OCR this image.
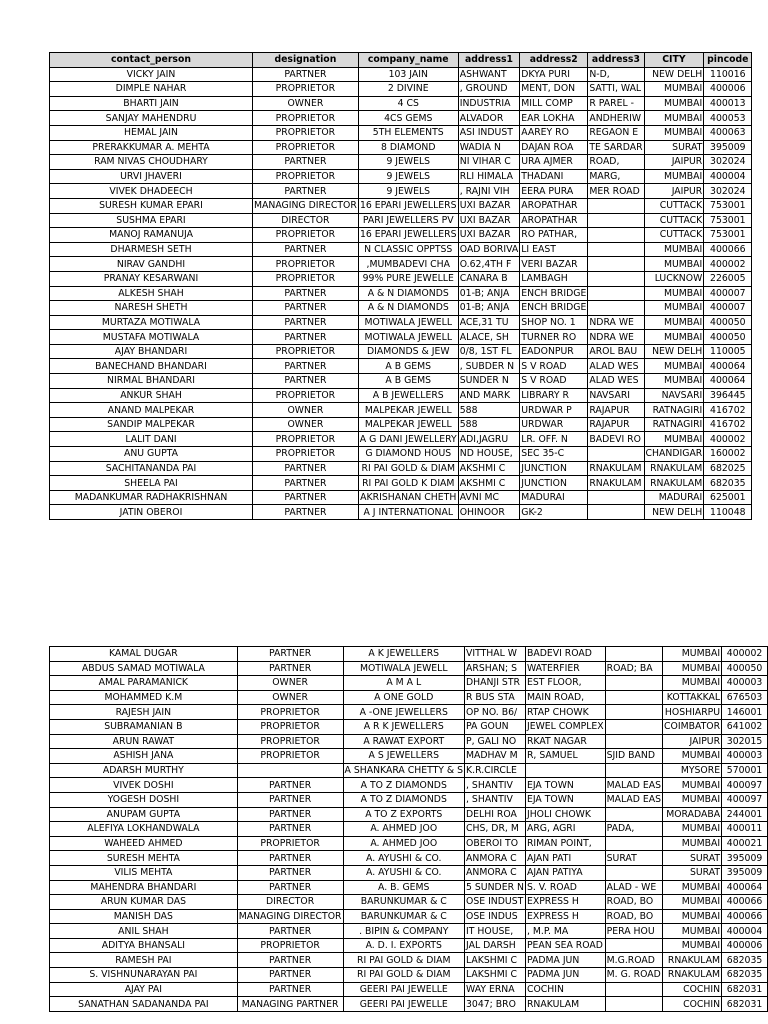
contact_person	designation	company_name	address1	address2	address3	CITY	pincode
VICKY JAIN	PARTNER	103 JAIN	ASHWANT	DKYA PURI	N-D,	NEW DELH	110016
DIMPLE NAHAR	PROPRIETOR	2 DIVINE	, GROUND	MENT, DON	SATTI, WAL	MUMBAI	400006
BHARTI JAIN	OWNER	4 CS	INDUSTRIA	MILL COMP	R PAREL -	MUMBAI	400013
SANJAY MAHENDRU	PROPRIETOR	4CS GEMS	ALVADOR	EAR LOKHA	ANDHERIW	MUMBAI	400053
HEMAL JAIN	PROPRIETOR	5TH ELEMENTS	ASI INDUST	AAREY RO	REGAON E	MUMBAI	400063
PRERAKKUMAR A. MEHTA	PROPRIETOR	8 DIAMOND	WADIA N	DAJAN ROA	TE SARDAR	SURAT	395009
RAM NIVAS CHOUDHARY	PARTNER	9 JEWELS	NI VIHAR C	URA AJMER	ROAD,	JAIPUR	302024
URVI JHAVERI	PROPRIETOR	9 JEWELS	RLI HIMALA	THADANI	MARG,	MUMBAI	400004
VIVEK DHADEECH	PARTNER	9 JEWELS	, RAJNI VIH	EERA PURA	MER ROAD	JAIPUR	302024
SURESH KUMAR EPARI	MANAGING DIRECTOR	16 EPARI JEWELLERS	UXI BAZAR	AROPATHAR		CUTTACK	753001
SUSHMA EPARI	DIRECTOR	PARI JEWELLERS PV	UXI BAZAR	AROPATHAR		CUTTACK	753001
MANOJ RAMANUJA	PROPRIETOR	16 EPARI JEWELLERS	UXI BAZAR	RO PATHAR,		CUTTACK	753001
DHARMESH SETH	PARTNER	N CLASSIC OPPTSS	OAD BORIVA	LI EAST		MUMBAI	400066
NIRAV GANDHI	PROPRIETOR	,MUMBADEVI CHA	O.62,4TH F	VERI BAZAR		MUMBAI	400002
PRANAY KESARWANI	PROPRIETOR	99% PURE JEWELLE	CANARA B	LAMBAGH		LUCKNOW	226005
ALKESH SHAH	PARTNER	A & N DIAMONDS	01-B; ANJA	ENCH BRIDGE		MUMBAI	400007
NARESH SHETH	PARTNER	A & N DIAMONDS	01-B; ANJA	ENCH BRIDGE		MUMBAI	400007
MURTAZA MOTIWALA	PARTNER	MOTIWALA JEWELL	ACE,31 TU	SHOP NO. 1	NDRA WE	MUMBAI	400050
MUSTAFA MOTIWALA	PARTNER	MOTIWALA JEWELL	ALACE, SH	TURNER RO	NDRA WE	MUMBAI	400050
AJAY BHANDARI	PROPRIETOR	DIAMONDS & JEW	0/8, 1ST FL	EADONPUR	AROL BAU	NEW DELH	110005
BANECHAND BHANDARI	PARTNER	A B GEMS	, SUBDER N	S V ROAD	ALAD WES	MUMBAI	400064
NIRMAL BHANDARI	PARTNER	A B GEMS	SUNDER N	S V ROAD	ALAD WES	MUMBAI	400064
ANKUR SHAH	PROPRIETOR	A B JEWELLERS	AND MARK	LIBRARY R	NAVSARI	NAVSARI	396445
ANAND MALPEKAR	OWNER	MALPEKAR JEWELL	588	URDWAR P	RAJAPUR	RATNAGIRI	416702
SANDIP MALPEKAR	OWNER	MALPEKAR JEWELL	588	URDWAR	RAJAPUR	RATNAGIRI	416702
LALIT DANI	PROPRIETOR	A G DANI JEWELLERY	ADI,JAGRU	LR. OFF. N	BADEVI RO	MUMBAI	400002
ANU GUPTA	PROPRIETOR	G DIAMOND HOUS	ND HOUSE,	SEC 35-C		CHANDIGAR	160002
SACHITANANDA PAI	PARTNER	RI PAI GOLD & DIAM	AKSHMI C	JUNCTION	RNAKULAM	RNAKULAM	682025
SHEELA PAI	PARTNER	RI PAI GOLD K DIAM	AKSHMI C	JUNCTION	RNAKULAM	RNAKULAM	682035
MADANKUMAR RADHAKRISHNAN	PARTNER	AKRISHANAN CHETH	AVNI MC	MADURAI		MADURAI	625001
JATIN OBEROI	PARTNER	A J INTERNATIONAL	OHINOOR	GK-2		NEW DELH	110048
KAMAL DUGAR	PARTNER	A K JEWELLERS	VITTHAL W	BADEVI ROAD		MUMBAI	400002
ABDUS SAMAD MOTIWALA	PARTNER	MOTIWALA JEWELL	ARSHAN; S	WATERFIER	ROAD; BA	MUMBAI	400050
AMAL PARAMANICK	OWNER	A M A L	DHANJI STR	EST FLOOR,		MUMBAI	400003
MOHAMMED K.M	OWNER	A ONE GOLD	R BUS STA	MAIN ROAD,		KOTTAKKAL	676503
RAJESH JAIN	PROPRIETOR	A -ONE JEWELLERS	OP NO. B6/	RTAP CHOWK		HOSHIARPU	146001
SUBRAMANIAN B	PROPRIETOR	A R K JEWELLERS	PA GOUN	JEWEL COMPLEX		COIMBATOR	641002
ARUN RAWAT	PROPRIETOR	A RAWAT EXPORT	P, GALI NO	RKAT NAGAR		JAIPUR	302015
ASHISH JANA	PROPRIETOR	A S JEWELLERS	MADHAV M	R, SAMUEL	SJID BAND	MUMBAI	400003
ADARSH MURTHY		A SHANKARA CHETTY & S	K.R.CIRCLE			MYSORE	570001
VIVEK DOSHI	PARTNER	A TO Z DIAMONDS	, SHANTIV	EJA TOWN	MALAD EAS	MUMBAI	400097
YOGESH DOSHI	PARTNER	A TO Z DIAMONDS	, SHANTIV	EJA TOWN	MALAD EAS	MUMBAI	400097
ANUPAM GUPTA	PARTNER	A TO Z EXPORTS	DELHI ROA	JHOLI CHOWK		MORADABA	244001
ALEFIYA LOKHANDWALA	PARTNER	A. AHMED JOO	CHS, DR, M	ARG, AGRI	PADA,	MUMBAI	400011
WAHEED AHMED	PROPRIETOR	A. AHMED JOO	OBEROI TO	RIMAN POINT,		MUMBAI	400021
SURESH MEHTA	PARTNER	A. AYUSHI & CO.	ANMORA C	AJAN PATI	SURAT	SURAT	395009
VILIS MEHTA	PARTNER	A. AYUSHI & CO.	ANMORA C	AJAN PATIYA		SURAT	395009
MAHENDRA BHANDARI	PARTNER	A. B. GEMS	5 SUNDER N	S. V. ROAD	ALAD - WE	MUMBAI	400064
ARUN KUMAR DAS	DIRECTOR	BARUNKUMAR & C	OSE INDUST	EXPRESS H	ROAD, BO	MUMBAI	400066
MANISH DAS	MANAGING DIRECTOR	BARUNKUMAR & C	OSE INDUS	EXPRESS H	ROAD, BO	MUMBAI	400066
ANIL SHAH	PARTNER	. BIPIN & COMPANY	IT HOUSE,	, M.P. MA	PERA HOU	MUMBAI	400004
ADITYA BHANSALI	PROPRIETOR	A. D. I. EXPORTS	JAL DARSH	PEAN SEA ROAD		MUMBAI	400006
RAMESH PAI	PARTNER	RI PAI GOLD & DIAM	LAKSHMI C	PADMA JUN	M.G.ROAD	RNAKULAM	682035
S. VISHNUNARAYAN PAI	PARTNER	RI PAI GOLD & DIAM	LAKSHMI C	PADMA JUN	M. G. ROAD	RNAKULAM	682035
AJAY PAI	PARTNER	GEERI PAI JEWELLE	WAY ERNA	COCHIN		COCHIN	682031
SANATHAN SADANANDA PAI	MANAGING PARTNER	GEERI PAI JEWELLE	3047; BRO	RNAKULAM		COCHIN	682031
